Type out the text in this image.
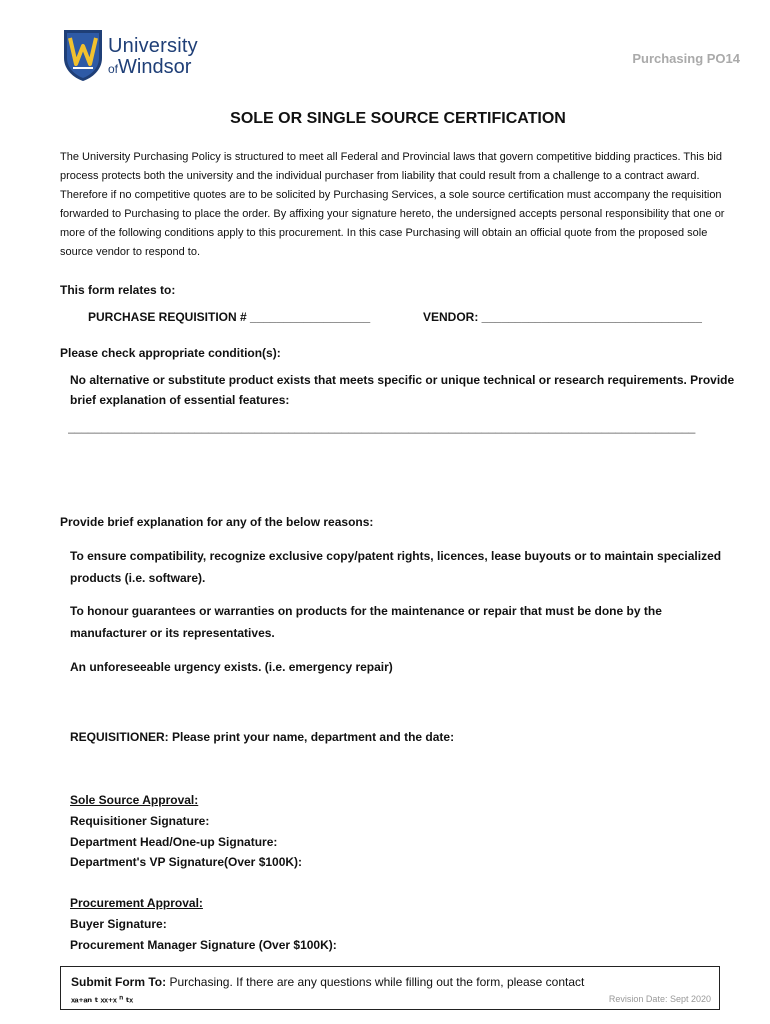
University
ofWindsor	Purchasing PO14
SOLE OR SINGLE SOURCE CERTIFICATION
The University Purchasing Policy is structured to meet all Federal and Provincial laws that govern competitive bidding practices. This bid process protects both the university and the individual purchaser from liability that could result from a challenge to a contract award. Therefore if no competitive quotes are to be solicited by Purchasing Services, a sole source certification must accompany the requisition forwarded to Purchasing to place the order. By affixing your signature hereto, the undersigned accepts personal responsibility that one or more of the following conditions apply to this procurement. In this case Purchasing will obtain an official quote from the proposed sole source vendor to respond to.
This form relates to:
PURCHASE REQUISITION # __________________	VENDOR: _________________________________
Please check appropriate condition(s):
No alternative or substitute product exists that meets specific or unique technical or research requirements. Provide brief explanation of essential features:
______________________________________________________________________________________________
Provide brief explanation for any of the below reasons:
To ensure compatibility, recognize exclusive copy/patent rights, licences, lease buyouts or to maintain specialized products (i.e. software).
To honour guarantees or warranties on products for the maintenance or repair that must be done by the manufacturer or its representatives.
An unforeseeable urgency exists. (i.e. emergency repair)
REQUISITIONER: Please print your name, department and the date:
Sole Source Approval:
Requisitioner Signature:
Department Head/One-up Signature:
Department's VP Signature(Over $100K):
Procurement Approval:
Buyer Signature:
Procurement Manager Signature (Over $100K):
Submit Form To: Purchasing. If there are any questions while filling out the form, please contact
ₓₐ₊ₐₙ ₜ ₓₓ₊ₓ ⁿ ₜₓ	Revision Date: Sept 2020
